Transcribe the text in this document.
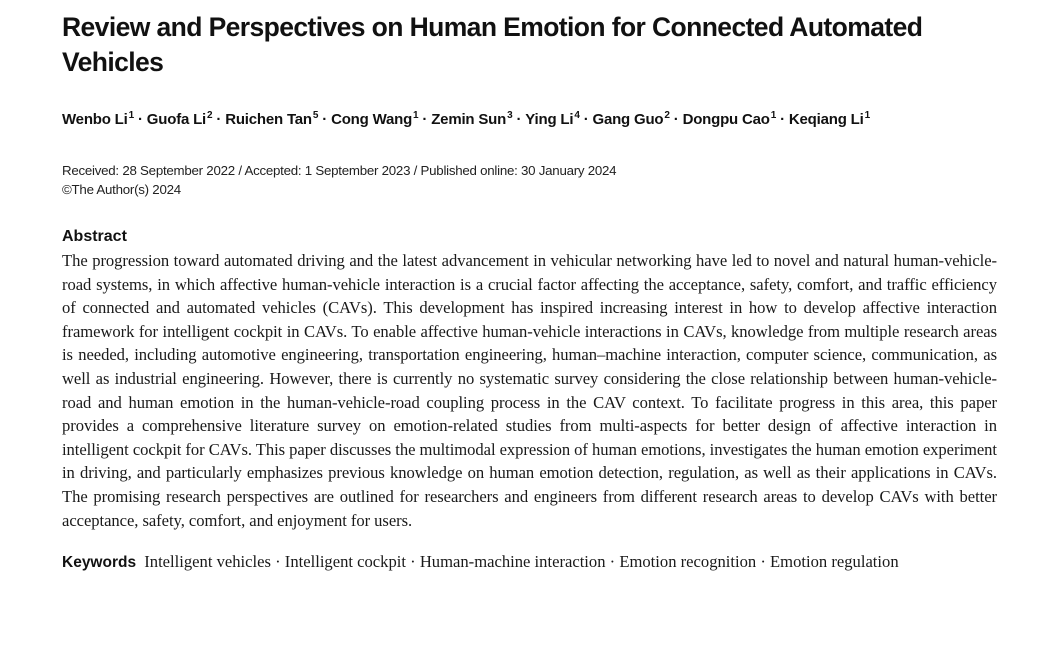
Review and Perspectives on Human Emotion for Connected Automated Vehicles
Wenbo $Li^1$ · Guofa $Li^2$ · Ruichen Tan$^5$ · Cong Wang$^1$ · Zemin Sun$^3$ · Ying $Li^4$ · Gang Guo$^2$ · Dongpu Cao$^1$ · Keqiang Li$^1$
Received: 28 September 2022 / Accepted: 1 September 2023 / Published online: 30 January 2024
©The Author(s) 2024
Abstract
The progression toward automated driving and the latest advancement in vehicular networking have led to novel and natural human-vehicle-road systems, in which affective human-vehicle interaction is a crucial factor affecting the acceptance, safety, comfort, and traffic efficiency of connected and automated vehicles (CAVs). This development has inspired increasing interest in how to develop affective interaction framework for intelligent cockpit in CAVs. To enable affective human-vehicle interactions in CAVs, knowledge from multiple research areas is needed, including automotive engineering, transportation engineering, human–machine interaction, computer science, communication, as well as industrial engineering. However, there is currently no systematic survey considering the close relationship between human-vehicle-road and human emotion in the human-vehicle-road coupling process in the CAV context. To facilitate progress in this area, this paper provides a comprehensive literature survey on emotion-related studies from multi-aspects for better design of affective interaction in intelligent cockpit for CAVs. This paper discusses the multimodal expression of human emotions, investigates the human emotion experiment in driving, and particularly emphasizes previous knowledge on human emotion detection, regulation, as well as their applications in CAVs. The promising research perspectives are outlined for researchers and engineers from different research areas to develop CAVs with better acceptance, safety, comfort, and enjoyment for users.
Keywords Intelligent vehicles · Intelligent cockpit · Human-machine interaction · Emotion recognition · Emotion regulation
